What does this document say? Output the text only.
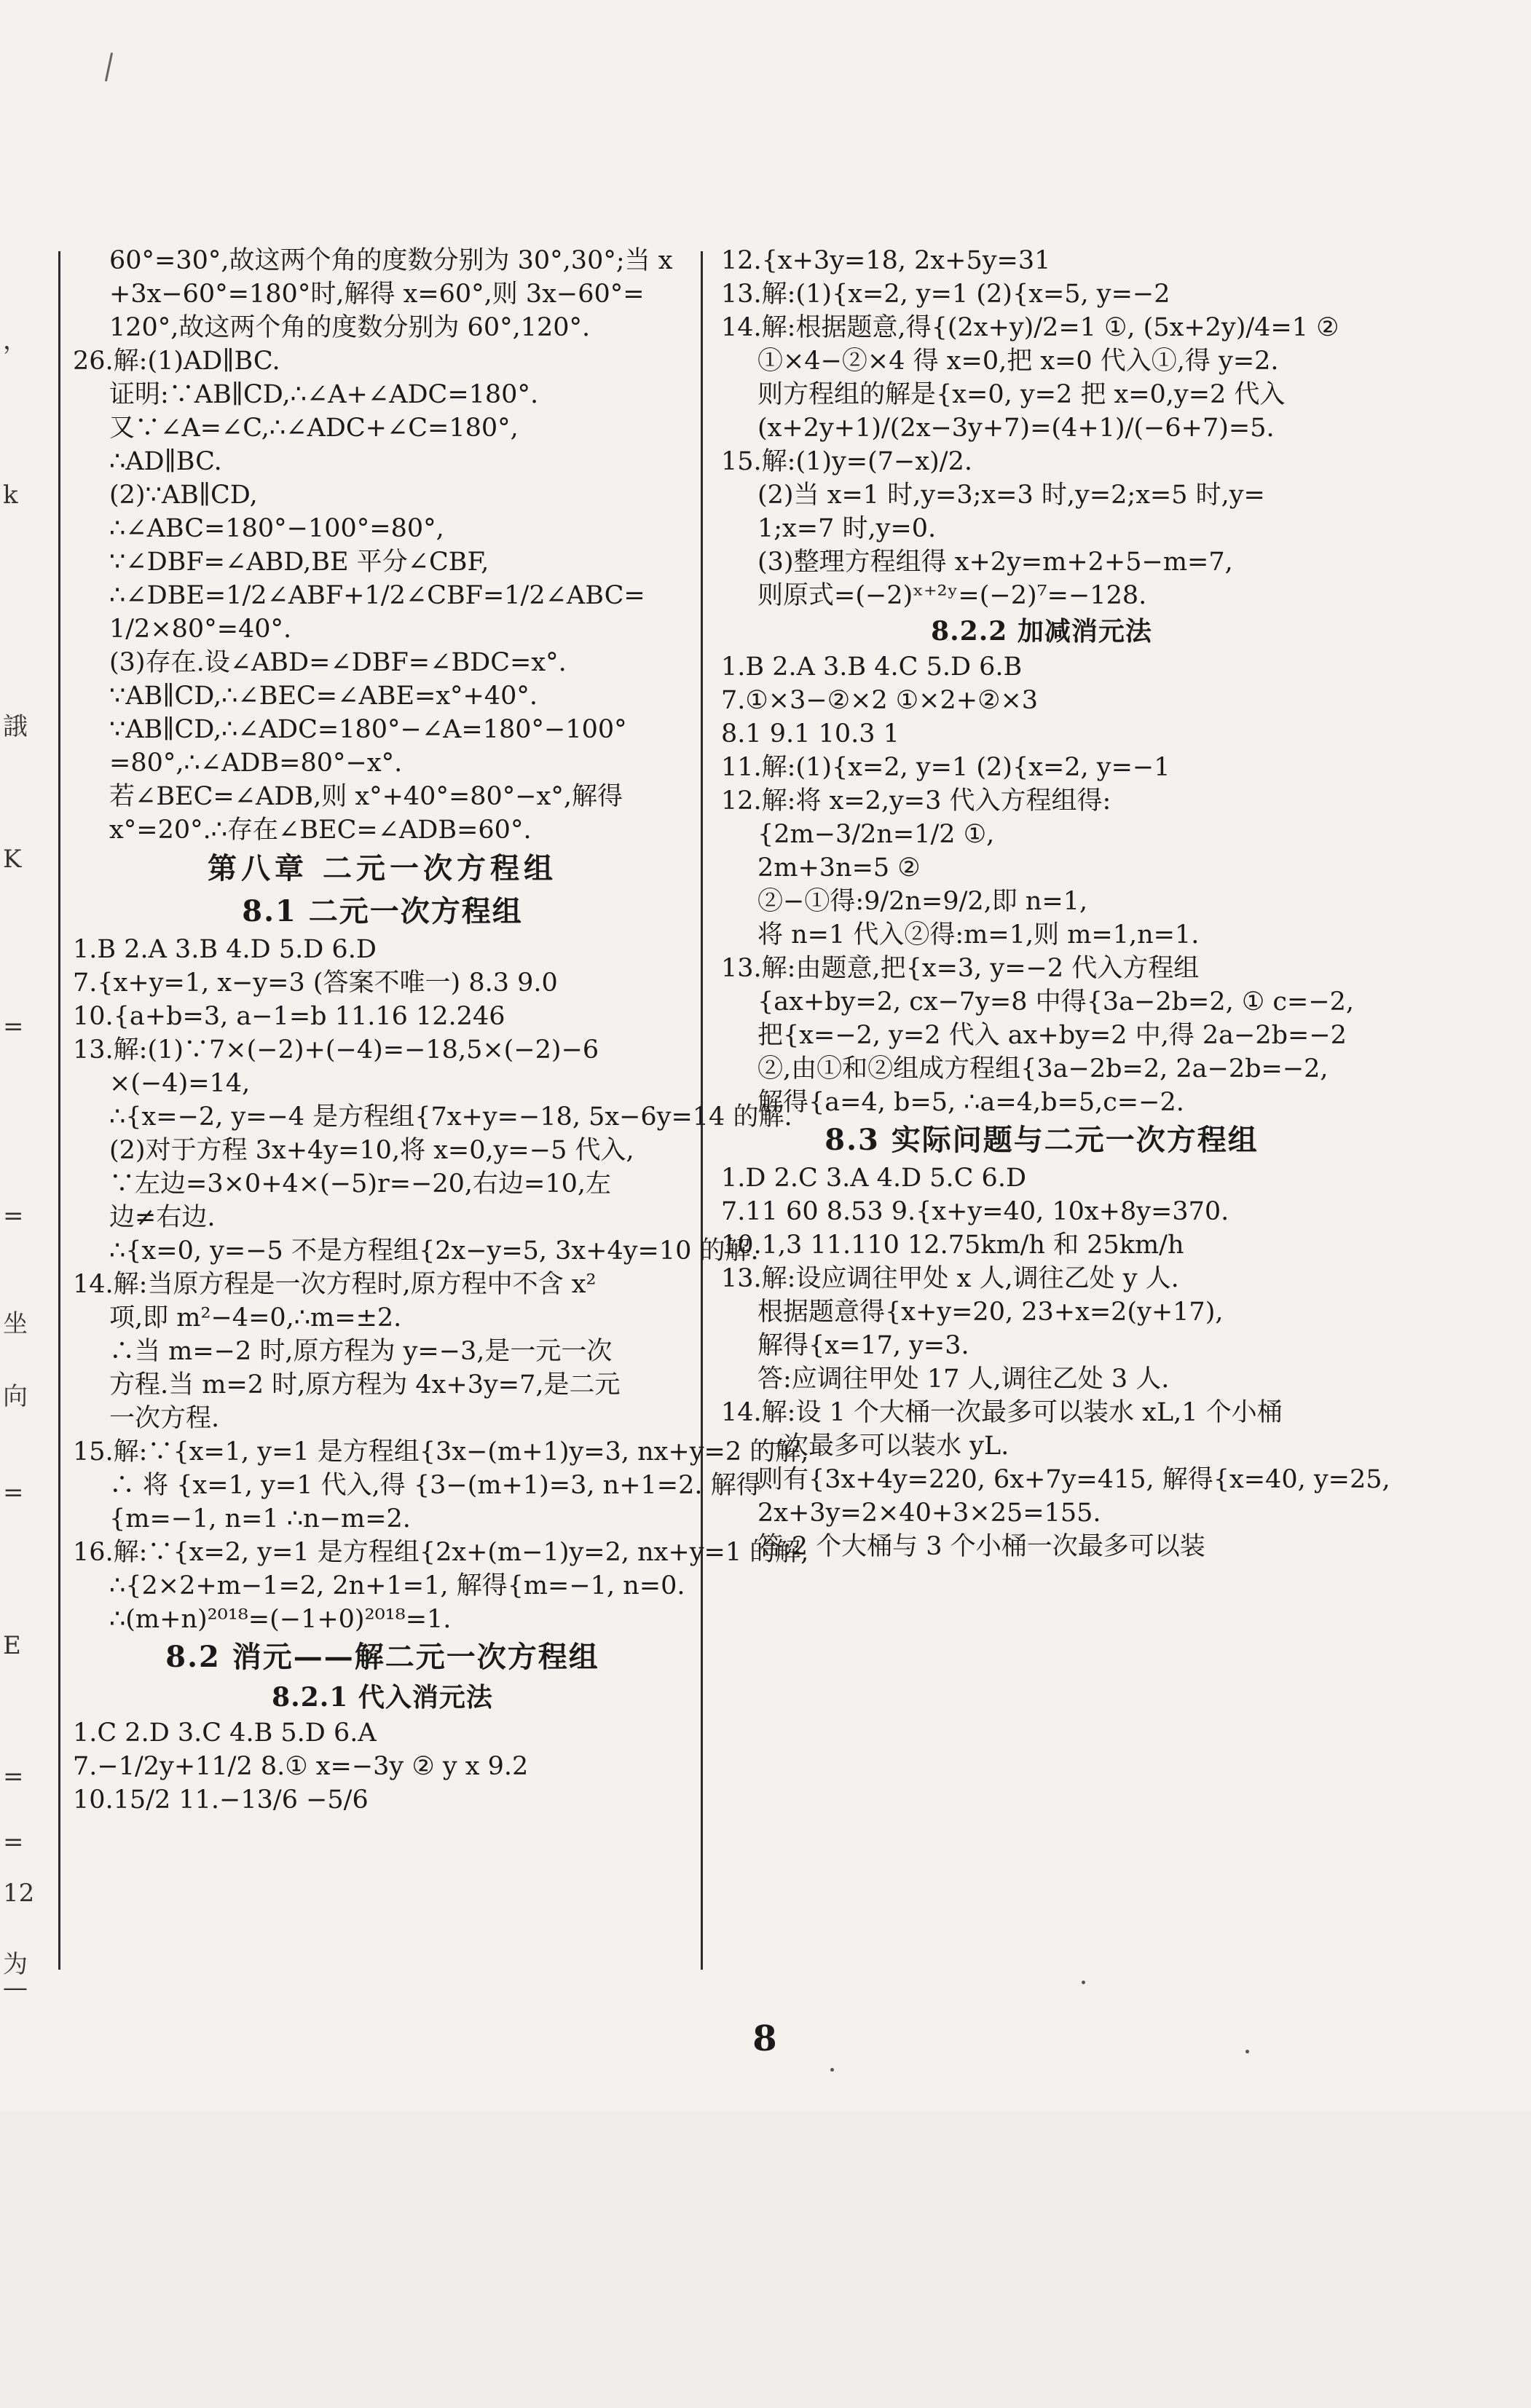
，
k
誐
K
=
=
坐
向
=
E
=
=
12
为
—
60°=30°,故这两个角的度数分别为 30°,30°;当 x
+3x−60°=180°时,解得 x=60°,则 3x−60°=
120°,故这两个角的度数分别为 60°,120°.
26.解:(1)AD∥BC.
证明:∵AB∥CD,∴∠A+∠ADC=180°.
又∵∠A=∠C,∴∠ADC+∠C=180°,
∴AD∥BC.
(2)∵AB∥CD,
∴∠ABC=180°−100°=80°,
∵∠DBF=∠ABD,BE 平分∠CBF,
∴∠DBE=1/2∠ABF+1/2∠CBF=1/2∠ABC=
1/2×80°=40°.
(3)存在.设∠ABD=∠DBF=∠BDC=x°.
∵AB∥CD,∴∠BEC=∠ABE=x°+40°.
∵AB∥CD,∴∠ADC=180°−∠A=180°−100°
=80°,∴∠ADB=80°−x°.
若∠BEC=∠ADB,则 x°+40°=80°−x°,解得
x°=20°.∴存在∠BEC=∠ADB=60°.
第八章 二元一次方程组
8.1 二元一次方程组
1.B 2.A 3.B 4.D 5.D 6.D
7.{x+y=1, x−y=3 (答案不唯一) 8.3 9.0
10.{a+b=3, a−1=b 11.16 12.246
13.解:(1)∵7×(−2)+(−4)=−18,5×(−2)−6
×(−4)=14,
∴{x=−2, y=−4 是方程组{7x+y=−18, 5x−6y=14 的解.
(2)对于方程 3x+4y=10,将 x=0,y=−5 代入,
∵左边=3×0+4×(−5)r=−20,右边=10,左
边≠右边.
∴{x=0, y=−5 不是方程组{2x−y=5, 3x+4y=10 的解.
14.解:当原方程是一次方程时,原方程中不含 x²
项,即 m²−4=0,∴m=±2.
∴当 m=−2 时,原方程为 y=−3,是一元一次
方程.当 m=2 时,原方程为 4x+3y=7,是二元
一次方程.
15.解:∵{x=1, y=1 是方程组{3x−(m+1)y=3, nx+y=2 的解,
∴ 将 {x=1, y=1 代入,得 {3−(m+1)=3, n+1=2. 解得
{m=−1, n=1 ∴n−m=2.
16.解:∵{x=2, y=1 是方程组{2x+(m−1)y=2, nx+y=1 的解,
∴{2×2+m−1=2, 2n+1=1, 解得{m=−1, n=0.
∴(m+n)²⁰¹⁸=(−1+0)²⁰¹⁸=1.
8.2 消元——解二元一次方程组
8.2.1 代入消元法
1.C 2.D 3.C 4.B 5.D 6.A
7.−1/2y+11/2 8.① x=−3y ② y x 9.2
10.15/2 11.−13/6 −5/6
12.{x+3y=18, 2x+5y=31
13.解:(1){x=2, y=1 (2){x=5, y=−2
14.解:根据题意,得{(2x+y)/2=1 ①, (5x+2y)/4=1 ②
①×4−②×4 得 x=0,把 x=0 代入①,得 y=2.
则方程组的解是{x=0, y=2 把 x=0,y=2 代入
(x+2y+1)/(2x−3y+7)=(4+1)/(−6+7)=5.
15.解:(1)y=(7−x)/2.
(2)当 x=1 时,y=3;x=3 时,y=2;x=5 时,y=
1;x=7 时,y=0.
(3)整理方程组得 x+2y=m+2+5−m=7,
则原式=(−2)ˣ⁺²ʸ=(−2)⁷=−128.
8.2.2 加减消元法
1.B 2.A 3.B 4.C 5.D 6.B
7.①×3−②×2 ①×2+②×3
8.1 9.1 10.3 1
11.解:(1){x=2, y=1 (2){x=2, y=−1
12.解:将 x=2,y=3 代入方程组得:
{2m−3/2n=1/2 ①,
2m+3n=5 ②
②−①得:9/2n=9/2,即 n=1,
将 n=1 代入②得:m=1,则 m=1,n=1.
13.解:由题意,把{x=3, y=−2 代入方程组
{ax+by=2, cx−7y=8 中得{3a−2b=2, ① c=−2,
把{x=−2, y=2 代入 ax+by=2 中,得 2a−2b=−2
②,由①和②组成方程组{3a−2b=2, 2a−2b=−2,
解得{a=4, b=5, ∴a=4,b=5,c=−2.
8.3 实际问题与二元一次方程组
1.D 2.C 3.A 4.D 5.C 6.D
7.11 60 8.53 9.{x+y=40, 10x+8y=370.
10.1,3 11.110 12.75km/h 和 25km/h
13.解:设应调往甲处 x 人,调往乙处 y 人.
根据题意得{x+y=20, 23+x=2(y+17),
解得{x=17, y=3.
答:应调往甲处 17 人,调往乙处 3 人.
14.解:设 1 个大桶一次最多可以装水 xL,1 个小桶
一次最多可以装水 yL.
则有{3x+4y=220, 6x+7y=415, 解得{x=40, y=25,
2x+3y=2×40+3×25=155.
答:2 个大桶与 3 个小桶一次最多可以装
8
